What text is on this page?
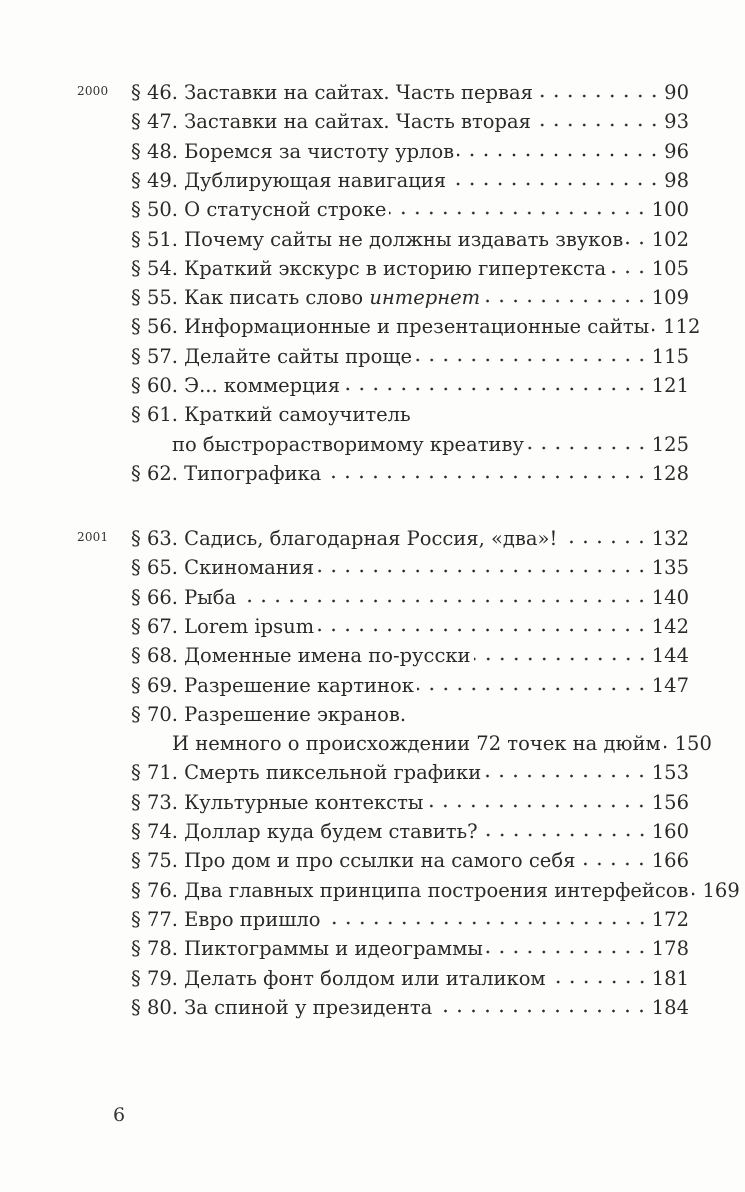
2000 § 46. Заставки на сайтах. Часть первая	90
§ 47. Заставки на сайтах. Часть вторая	93
§ 48. Боремся за чистоту урлов	96
§ 49. Дублирующая навигация	98
§ 50. О статусной строке	100
§ 51. Почему сайты не должны издавать звуков 102
§ 54. Краткий экскурс в историю гипертекста 105
§ 55. Как писать слово интернет	109
§ 56. Информационные и презентационные сайты 112
§ 57. Делайте сайты проще	115
§ 60. Э... коммерция	121
§ 61. Краткий самоучитель
по быстрорастворимому креативу	125
§ 62. Типографика	128
2001 § 63. Садись, благодарная Россия, «два»!	132
§ 65. Скиномания	135
§ 66. Рыба	140
§ 67. Lorem ipsum	142
§ 68. Доменные имена по-русски	144
§ 69. Разрешение картинок	147
§ 70. Разрешение экранов.
И немного о происхождении 72 точек на дюйм 150
§ 71. Смерть пиксельной графики	153
§ 73. Культурные контексты	156
§ 74. Доллар куда будем ставить?	160
§ 75. Про дом и про ссылки на самого себя	166
§ 76. Два главных принципа построения интерфейсов 169
§ 77. Евро пришло	172
§ 78. Пиктограммы и идеограммы	178
§ 79. Делать фонт болдом или италиком	181
§ 80. За спиной у президента	184
6
